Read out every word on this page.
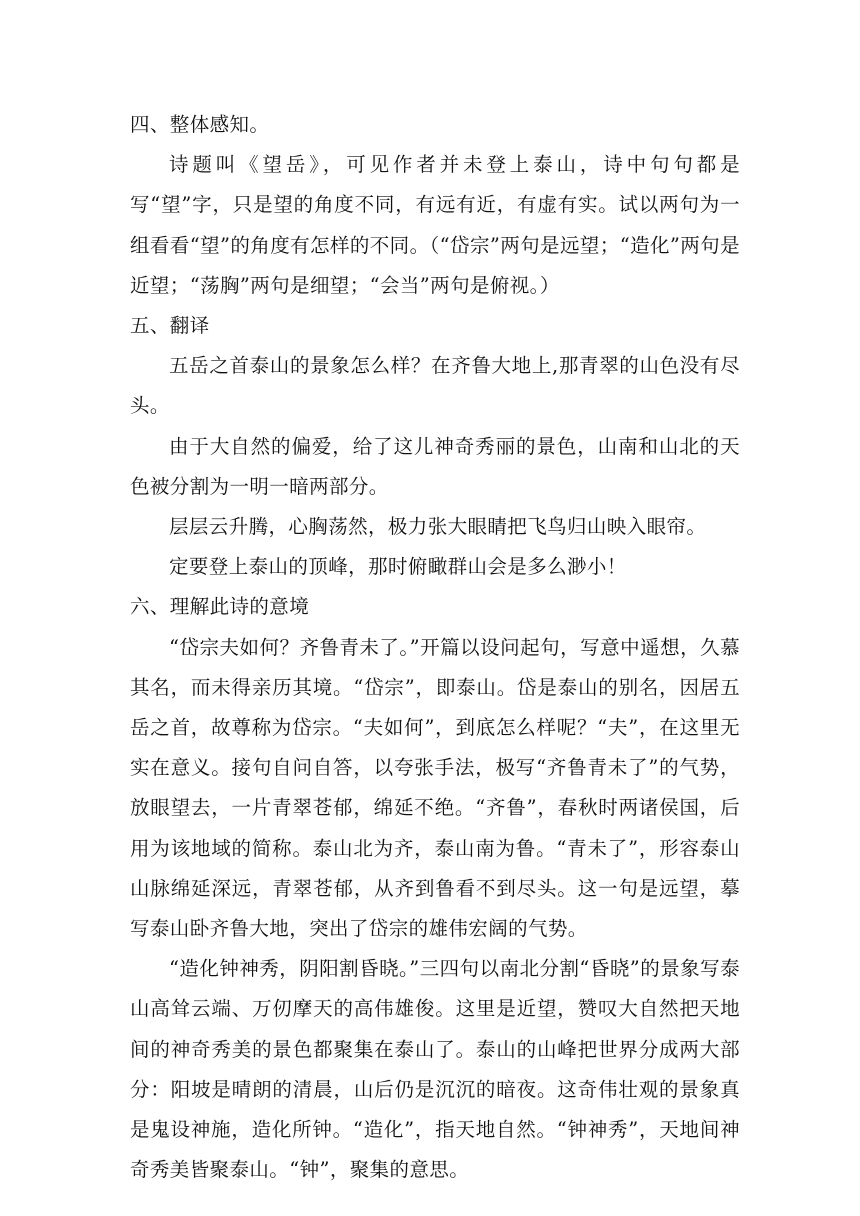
四、整体感知。

诗题叫《望岳》，可见作者并未登上泰山，诗中句句都是写“望”字，只是望的角度不同，有远有近，有虚有实。试以两句为一组看看“望”的角度有怎样的不同。（“岱宗”两句是远望；“造化”两句是近望；“荡胸”两句是细望；“会当”两句是俯视。）

五、翻译

五岳之首泰山的景象怎么样？在齐鲁大地上,那青翠的山色没有尽头。

由于大自然的偏爱，给了这儿神奇秀丽的景色，山南和山北的天色被分割为一明一暗两部分。

层层云升腾，心胸荡然，极力张大眼睛把飞鸟归山映入眼帘。

定要登上泰山的顶峰，那时俯瞰群山会是多么渺小！

六、理解此诗的意境

“岱宗夫如何？齐鲁青未了。”开篇以设问起句，写意中遥想，久慕其名，而未得亲历其境。“岱宗”，即泰山。岱是泰山的别名，因居五岳之首，故尊称为岱宗。“夫如何”，到底怎么样呢？“夫”，在这里无实在意义。接句自问自答，以夸张手法，极写“齐鲁青未了”的气势，放眼望去，一片青翠苍郁，绵延不绝。“齐鲁”，春秋时两诸侯国，后用为该地域的简称。泰山北为齐，泰山南为鲁。“青未了”，形容泰山山脉绵延深远，青翠苍郁，从齐到鲁看不到尽头。这一句是远望，摹写泰山卧齐鲁大地，突出了岱宗的雄伟宏阔的气势。

“造化钟神秀，阴阳割昏晓。”三四句以南北分割“昏晓”的景象写泰山高耸云端、万仞摩天的高伟雄俊。这里是近望，赞叹大自然把天地间的神奇秀美的景色都聚集在泰山了。泰山的山峰把世界分成两大部分：阳坡是晴朗的清晨，山后仍是沉沉的暗夜。这奇伟壮观的景象真是鬼设神施，造化所钟。“造化”，指天地自然。“钟神秀”，天地间神奇秀美皆聚泰山。“钟”，聚集的意思。
